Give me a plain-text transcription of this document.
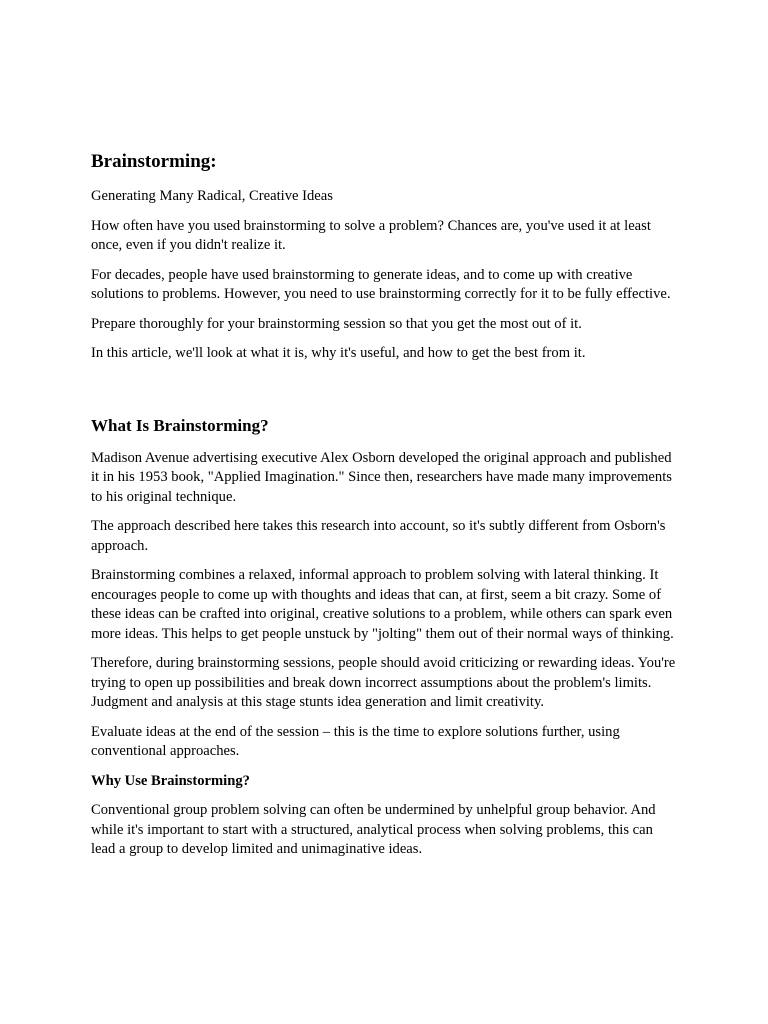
Brainstorming:

Generating Many Radical, Creative Ideas

How often have you used brainstorming to solve a problem? Chances are, you've used it at least once, even if you didn't realize it.

For decades, people have used brainstorming to generate ideas, and to come up with creative solutions to problems. However, you need to use brainstorming correctly for it to be fully effective.

Prepare thoroughly for your brainstorming session so that you get the most out of it.

In this article, we'll look at what it is, why it's useful, and how to get the best from it.

What Is Brainstorming?

Madison Avenue advertising executive Alex Osborn developed the original approach and published it in his 1953 book, "Applied Imagination." Since then, researchers have made many improvements to his original technique.

The approach described here takes this research into account, so it's subtly different from Osborn's approach.

Brainstorming combines a relaxed, informal approach to problem solving with lateral thinking. It encourages people to come up with thoughts and ideas that can, at first, seem a bit crazy. Some of these ideas can be crafted into original, creative solutions to a problem, while others can spark even more ideas. This helps to get people unstuck by "jolting" them out of their normal ways of thinking.

Therefore, during brainstorming sessions, people should avoid criticizing or rewarding ideas. You're trying to open up possibilities and break down incorrect assumptions about the problem's limits. Judgment and analysis at this stage stunts idea generation and limit creativity.

Evaluate ideas at the end of the session – this is the time to explore solutions further, using conventional approaches.

Why Use Brainstorming?

Conventional group problem solving can often be undermined by unhelpful group behavior. And while it's important to start with a structured, analytical process when solving problems, this can lead a group to develop limited and unimaginative ideas.
